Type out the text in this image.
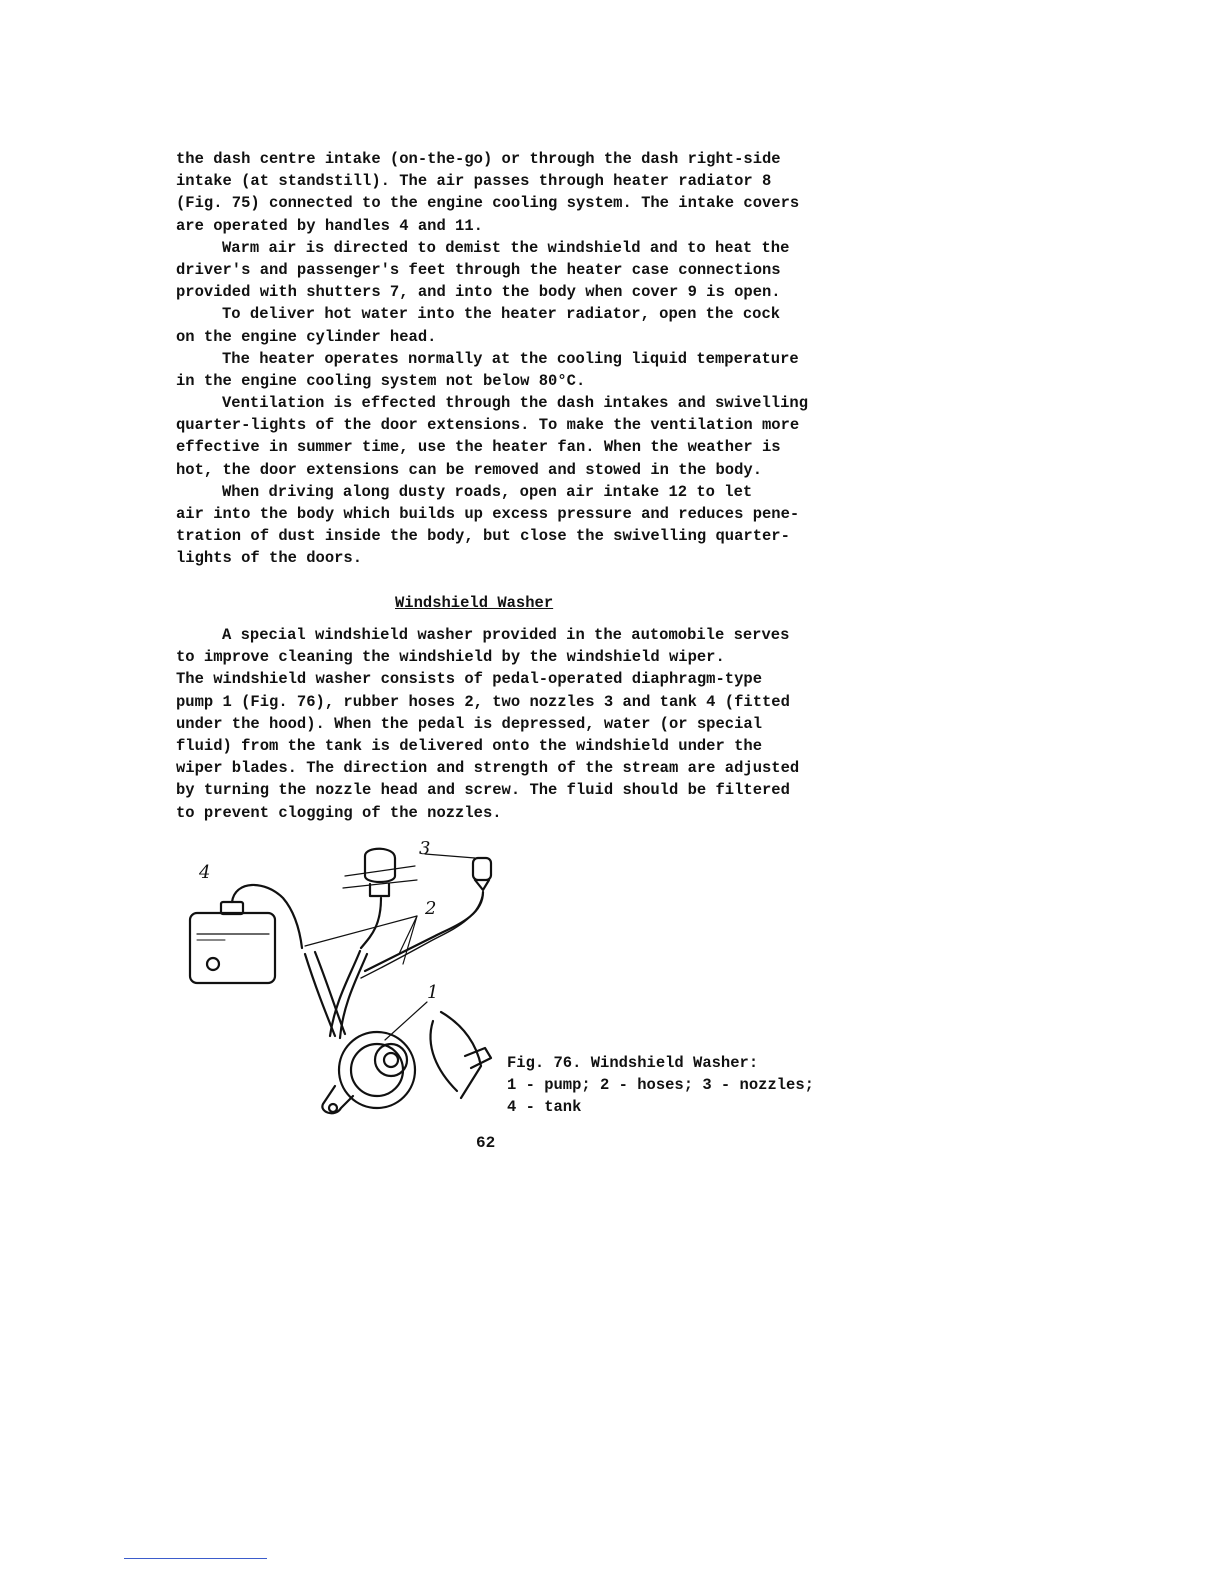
the dash centre intake (on-the-go) or through the dash right-side
intake (at standstill). The air passes through heater radiator 8
(Fig. 75) connected to the engine cooling system. The intake covers
are operated by handles 4 and 11.
Warm air is directed to demist the windshield and to heat the
driver's and passenger's feet through the heater case connections
provided with shutters 7, and into the body when cover 9 is open.
To deliver hot water into the heater radiator, open the cock
on the engine cylinder head.
The heater operates normally at the cooling liquid temperature
in the engine cooling system not below 80°C.
Ventilation is effected through the dash intakes and swivelling
quarter-lights of the door extensions. To make the ventilation more
effective in summer time, use the heater fan. When the weather is
hot, the door extensions can be removed and stowed in the body.
When driving along dusty roads, open air intake 12 to let
air into the body which builds up excess pressure and reduces pene-
tration of dust inside the body, but close the swivelling quarter-
lights of the doors.
Windshield Washer
A special windshield washer provided in the automobile serves
to improve cleaning the windshield by the windshield wiper.
The windshield washer consists of pedal-operated diaphragm-type
pump 1 (Fig. 76), rubber hoses 2, two nozzles 3 and tank 4 (fitted
under the hood). When the pedal is depressed, water (or special
fluid) from the tank is delivered onto the windshield under the
wiper blades. The direction and strength of the stream are adjusted
by turning the nozzle head and screw. The fluid should be filtered
to prevent clogging of the nozzles.
4
3
2
1
Fig. 76. Windshield Washer:
1 - pump; 2 - hoses; 3 - nozzles;
4 - tank
62
